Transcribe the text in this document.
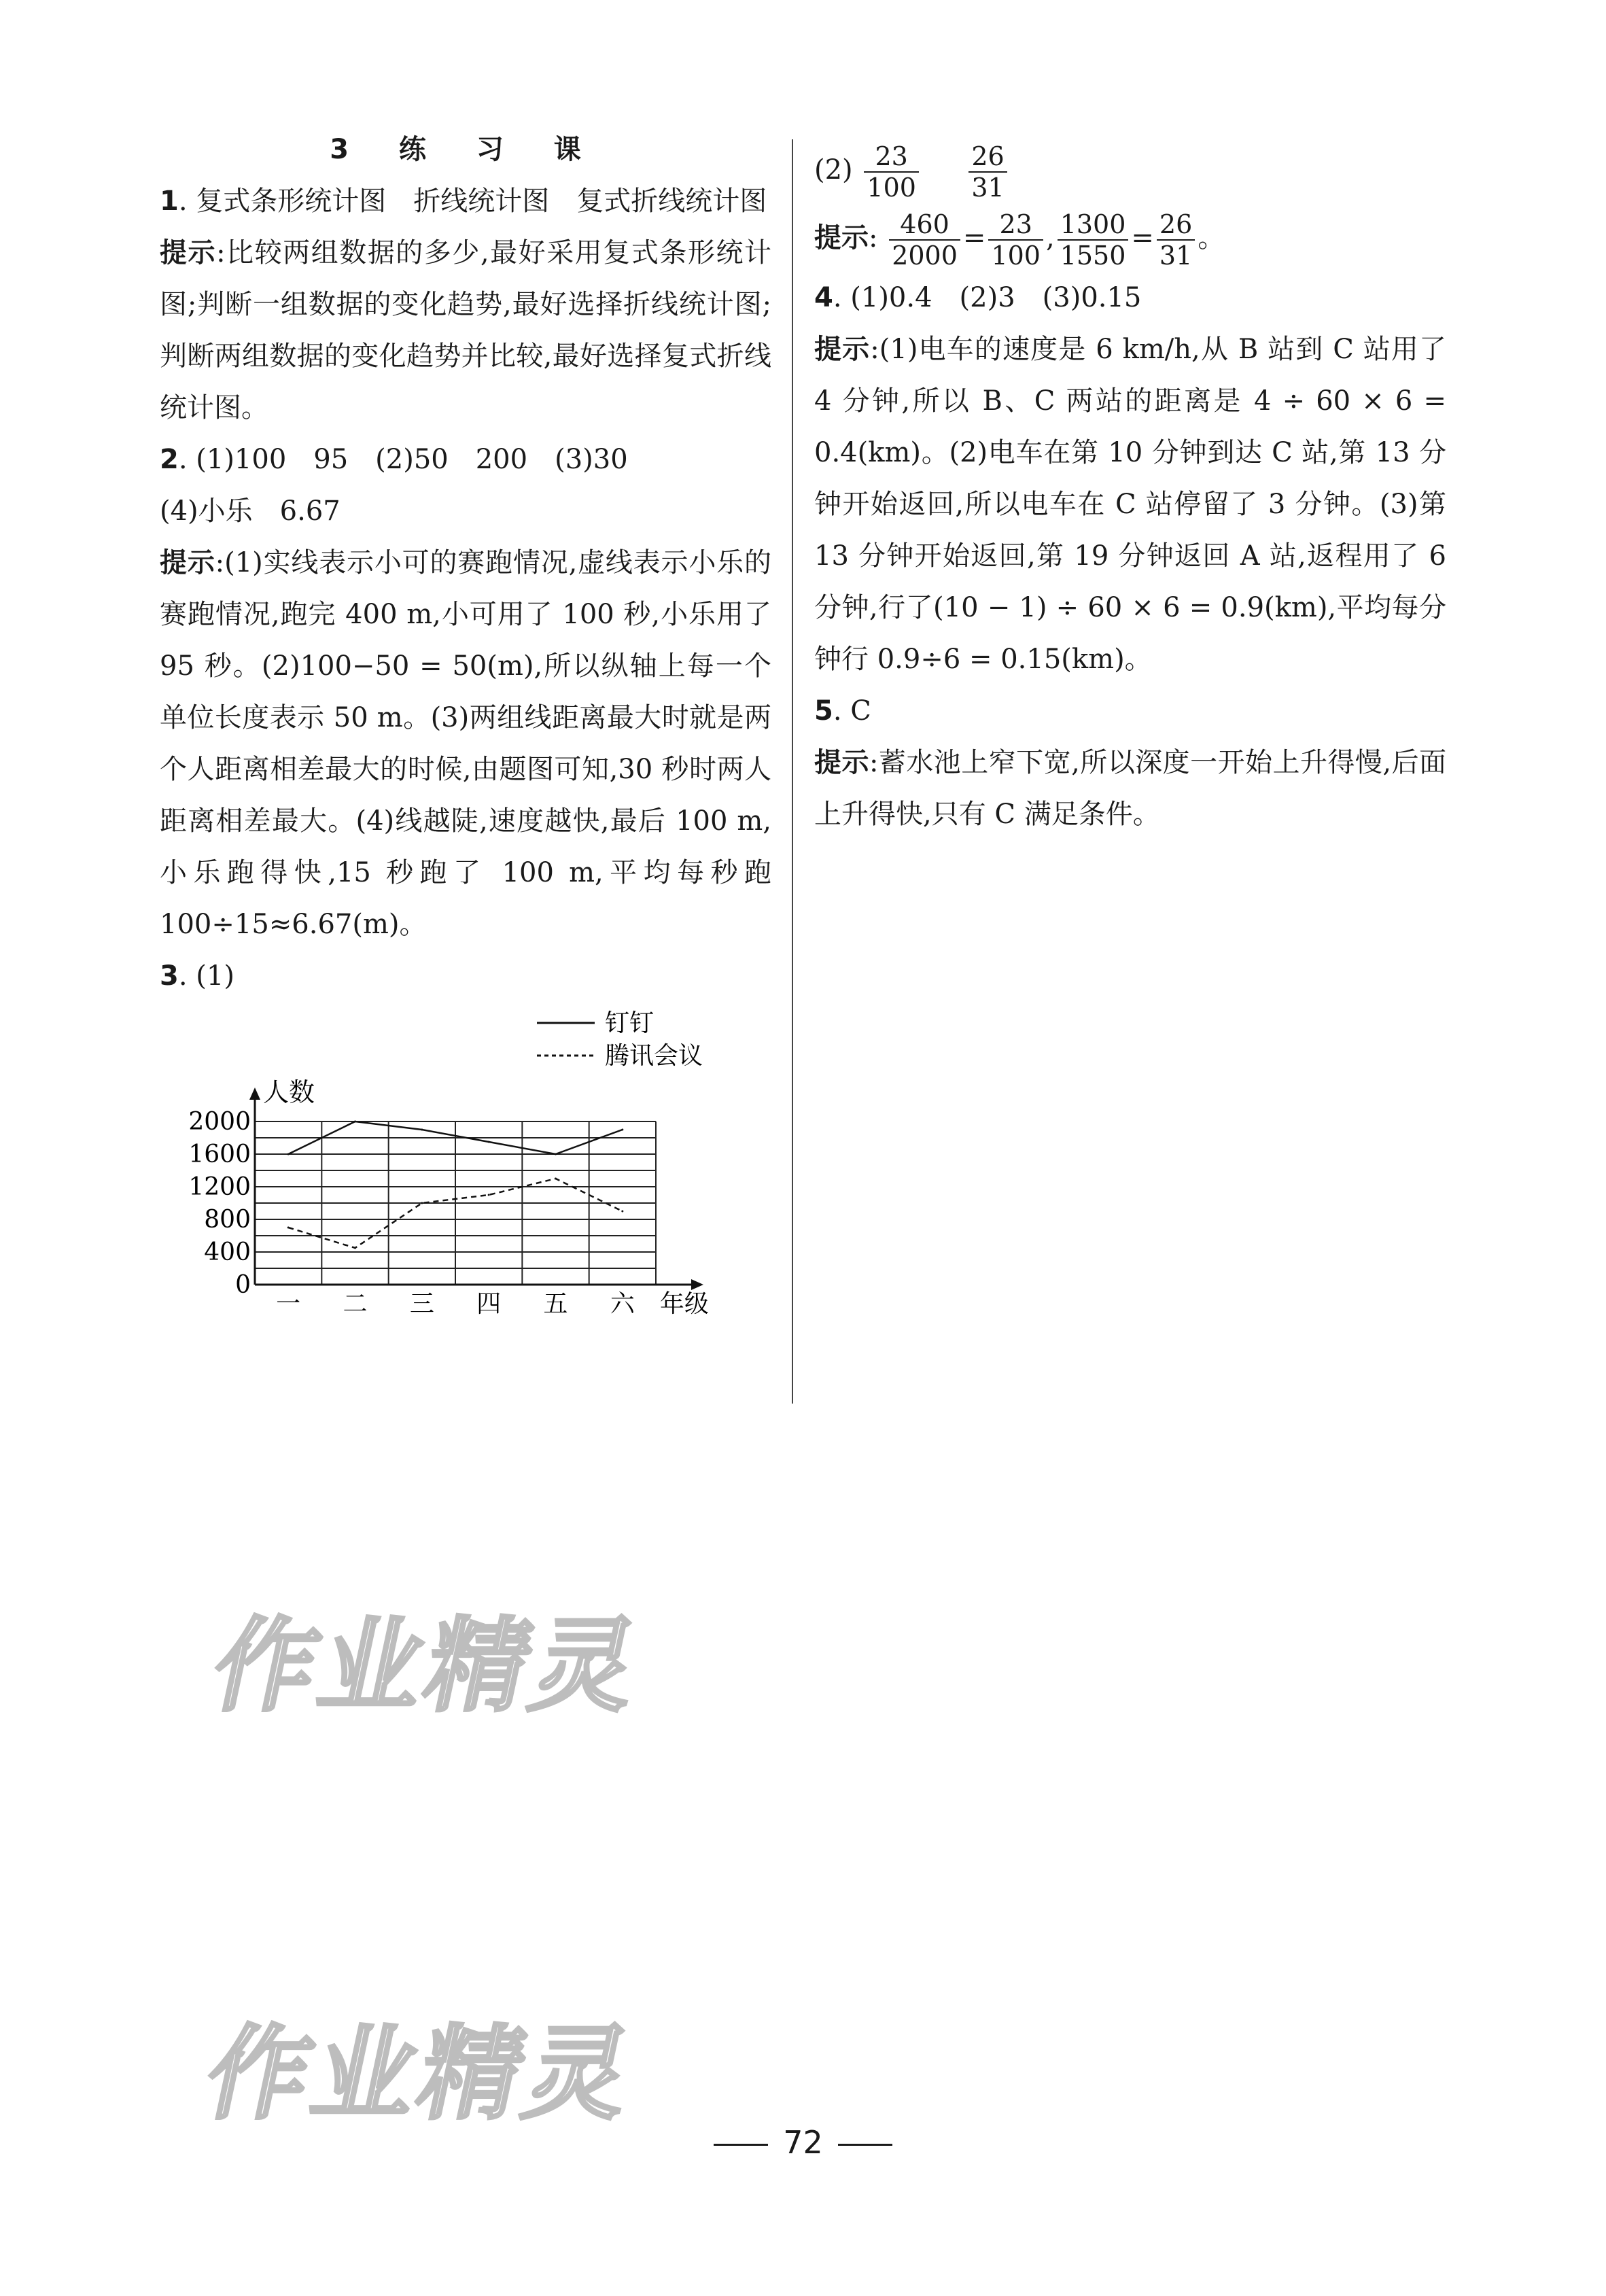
3 练 习 课

1. 复式条形统计图　折线统计图　复式折线统计图

提示:比较两组数据的多少,最好采用复式条形统计图;判断一组数据的变化趋势,最好选择折线统计图;判断两组数据的变化趋势并比较,最好选择复式折线统计图。

2. (1)100　95　(2)50　200　(3)30

(4)小乐　6.67

提示:(1)实线表示小可的赛跑情况,虚线表示小乐的赛跑情况,跑完 400 m,小可用了 100 秒,小乐用了 95 秒。(2)100−50 = 50(m),所以纵轴上每一个单位长度表示 50 m。(3)两组线距离最大时就是两个人距离相差最大的时候,由题图可知,30 秒时两人距离相差最大。(4)线越陡,速度越快,最后 100 m,小乐跑得快,15 秒跑了 100 m,平均每秒跑 100÷15≈6.67(m)。

3. (1)

0
400
800
1200
1600
2000
人数
一 二 三 四 五 六 年级
钉钉
腾讯会议

$(2) \frac{23}{100}$
$\frac{26}{31}$

提示: $\frac{460}{2000} = \frac{23}{100}$ , $\frac{1300}{1550} = \frac{26}{31}$ 。

4. (1)0.4　(2)3　(3)0.15

提示:(1)电车的速度是 6 km/h,从 B 站到 C 站用了4 分钟,所以 B、C 两站的距离是 4 ÷ 60 × 6 = 0.4(km)。(2)电车在第 10 分钟到达 C 站,第 13 分钟开始返回,所以电车在 C 站停留了 3 分钟。(3)第 13 分钟开始返回,第 19 分钟返回 A 站,返程用了 6 分钟,行了(10 − 1) ÷ 60 × 6 = 0.9(km),平均每分钟行 0.9÷6 = 0.15(km)。

5. C

提示:蓄水池上窄下宽,所以深度一开始上升得慢,后面上升得快,只有 C 满足条件。

作业精灵
作业精灵
72
